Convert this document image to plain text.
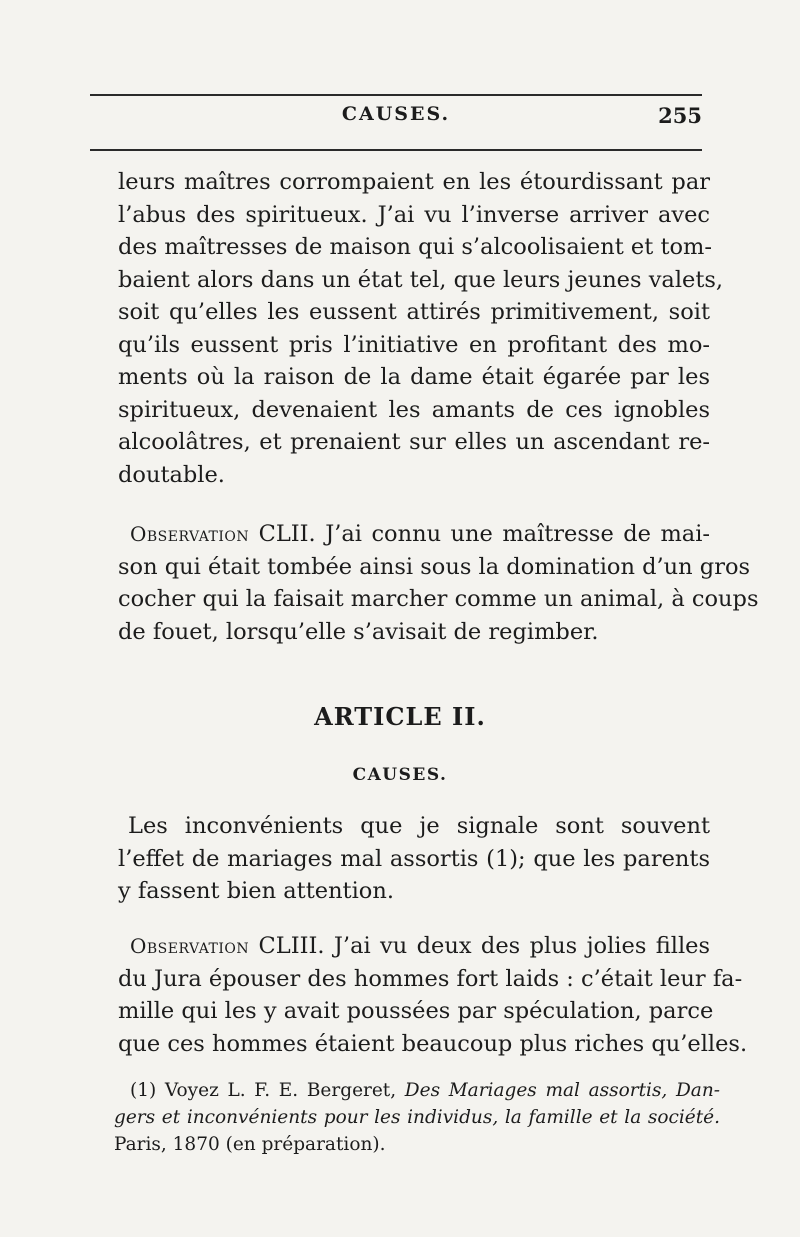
CAUSES.	255

leurs maîtres corrompaient en les étourdissant par
l’abus des spiritueux. J’ai vu l’inverse arriver avec
des maîtresses de maison qui s’alcoolisaient et tom-
baient alors dans un état tel, que leurs jeunes valets,
soit qu’elles les eussent attirés primitivement, soit
qu’ils eussent pris l’initiative en profitant des mo-
ments où la raison de la dame était égarée par les
spiritueux, devenaient les amants de ces ignobles
alcoolâtres, et prenaient sur elles un ascendant re-
doutable.

Observation CLII. J’ai connu une maîtresse de mai-
son qui était tombée ainsi sous la domination d’un gros
cocher qui la faisait marcher comme un animal, à coups
de fouet, lorsqu’elle s’avisait de regimber.

ARTICLE II.
CAUSES.

Les inconvénients que je signale sont souvent
l’effet de mariages mal assortis (1); que les parents
y fassent bien attention.

Observation CLIII. J’ai vu deux des plus jolies filles
du Jura épouser des hommes fort laids : c’était leur fa-
mille qui les y avait poussées par spéculation, parce
que ces hommes étaient beaucoup plus riches qu’elles.

(1) Voyez L. F. E. Bergeret, Des Mariages mal assortis, Dan-
gers et inconvénients pour les individus, la famille et la société.
Paris, 1870 (en préparation).
